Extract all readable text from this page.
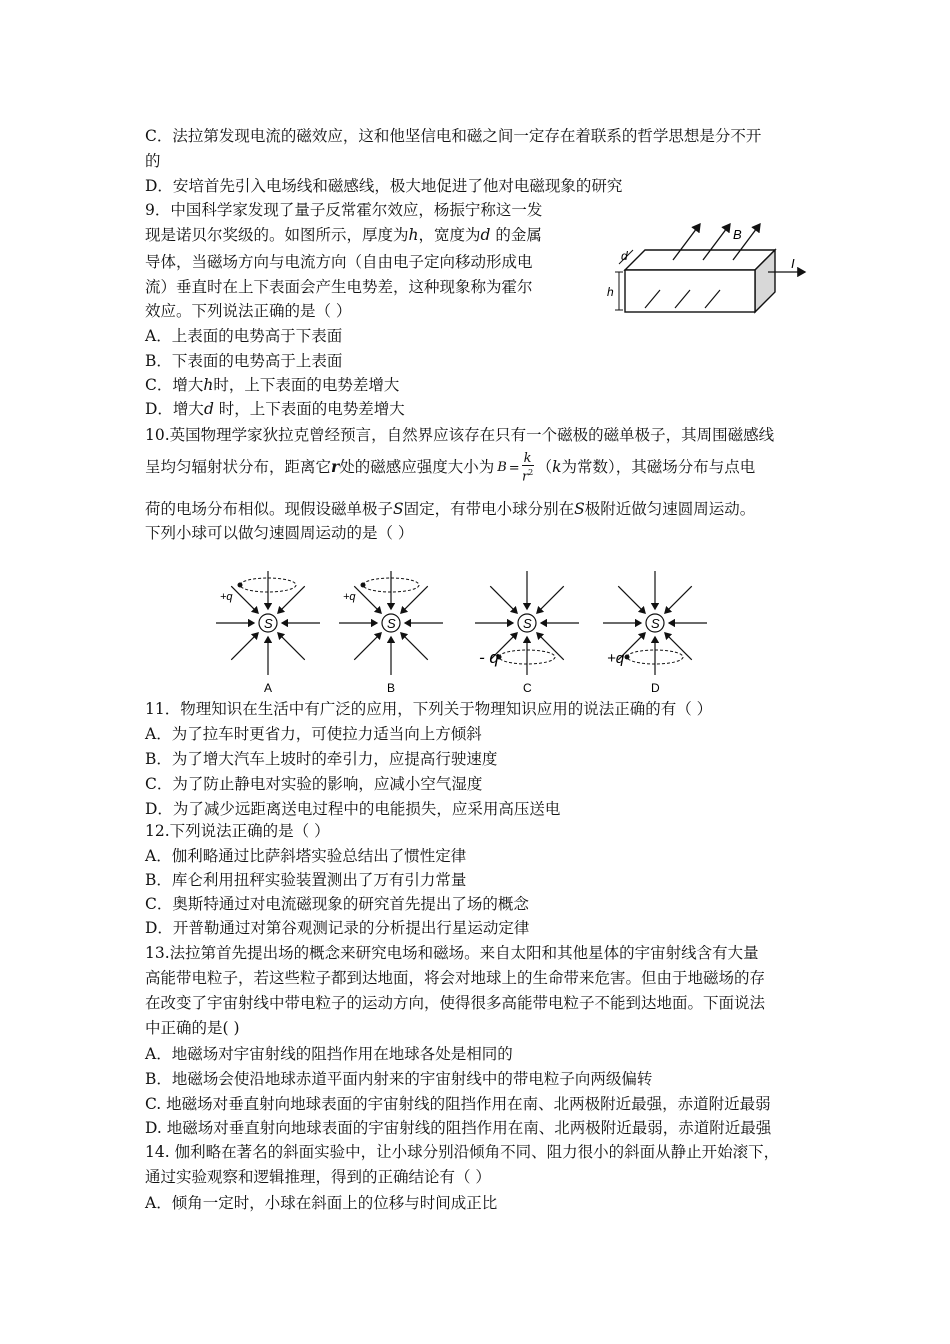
C．法拉第发现电流的磁效应，这和他坚信电和磁之间一定存在着联系的哲学思想是分不开
的
D．安培首先引入电场线和磁感线，极大地促进了他对电磁现象的研究
9．中国科学家发现了量子反常霍尔效应，杨振宁称这一发
现是诺贝尔奖级的。如图所示，厚度为h，宽度为d 的金属
导体，当磁场方向与电流方向（自由电子定向移动形成电
流）垂直时在上下表面会产生电势差，这种现象称为霍尔
效应。下列说法正确的是（ ）
A．上表面的电势高于下表面
B．下表面的电势高于上表面
C．增大h时，上下表面的电势差增大
D．增大d 时，上下表面的电势差增大
B
I
d
h
10.英国物理学家狄拉克曾经预言，自然界应该存在只有一个磁极的磁单极子，其周围磁感线
呈均匀辐射状分布，距离它r处的磁感应强度大小为 $B = \frac{k}{r^2} (k$为常数），其磁场分布与点电
荷的电场分布相似。现假设磁单极子S固定，有带电小球分别在S极附近做匀速圆周运动。
下列小球可以做匀速圆周运动的是（ ）
S
+q
A
S
+q
B
S
- q
C
S
+q
D
11．物理知识在生活中有广泛的应用，下列关于物理知识应用的说法正确的有（ ）
A．为了拉车时更省力，可使拉力适当向上方倾斜
B．为了增大汽车上坡时的牵引力，应提高行驶速度
C．为了防止静电对实验的影响，应减小空气湿度
D．为了减少远距离送电过程中的电能损失，应采用高压送电
12.下列说法正确的是（ ）
A．伽利略通过比萨斜塔实验总结出了惯性定律
B．库仑利用扭秤实验装置测出了万有引力常量
C．奥斯特通过对电流磁现象的研究首先提出了场的概念
D．开普勒通过对第谷观测记录的分析提出行星运动定律
13.法拉第首先提出场的概念来研究电场和磁场。来自太阳和其他星体的宇宙射线含有大量
高能带电粒子，若这些粒子都到达地面，将会对地球上的生命带来危害。但由于地磁场的存
在改变了宇宙射线中带电粒子的运动方向，使得很多高能带电粒子不能到达地面。下面说法
中正确的是( )
A．地磁场对宇宙射线的阻挡作用在地球各处是相同的
B．地磁场会使沿地球赤道平面内射来的宇宙射线中的带电粒子向两级偏转
C. 地磁场对垂直射向地球表面的宇宙射线的阻挡作用在南、北两极附近最强，赤道附近最弱
D. 地磁场对垂直射向地球表面的宇宙射线的阻挡作用在南、北两极附近最弱，赤道附近最强
14. 伽利略在著名的斜面实验中，让小球分别沿倾角不同、阻力很小的斜面从静止开始滚下，
通过实验观察和逻辑推理，得到的正确结论有（ ）
A．倾角一定时，小球在斜面上的位移与时间成正比
